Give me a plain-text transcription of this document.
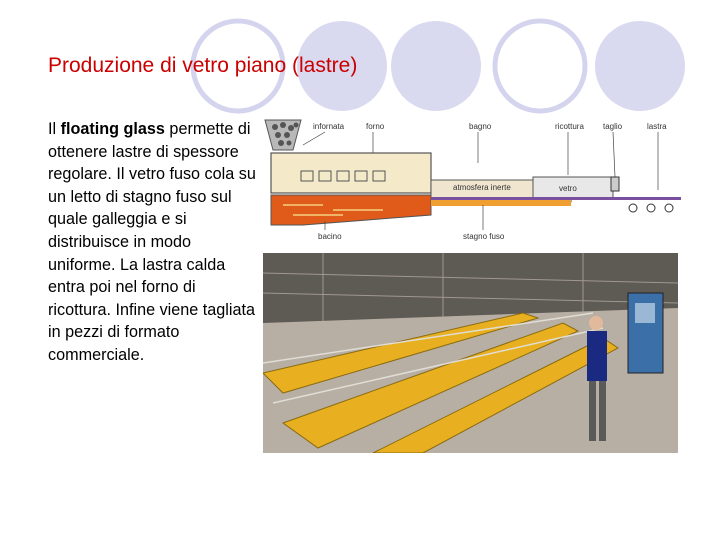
Produzione di vetro piano (lastre)
Il floating glass permette di ottenere lastre di spessore regolare. Il vetro fuso cola su un letto di stagno fuso sul quale galleggia e si distribuisce in modo uniforme. La lastra calda entra poi nel forno di ricottura. Infine viene tagliata in pezzi di formato commerciale.
infornata	forno	bagno	ricottura taglio	lastra
atmosfera inerte	vetro
bacino	stagno fuso
